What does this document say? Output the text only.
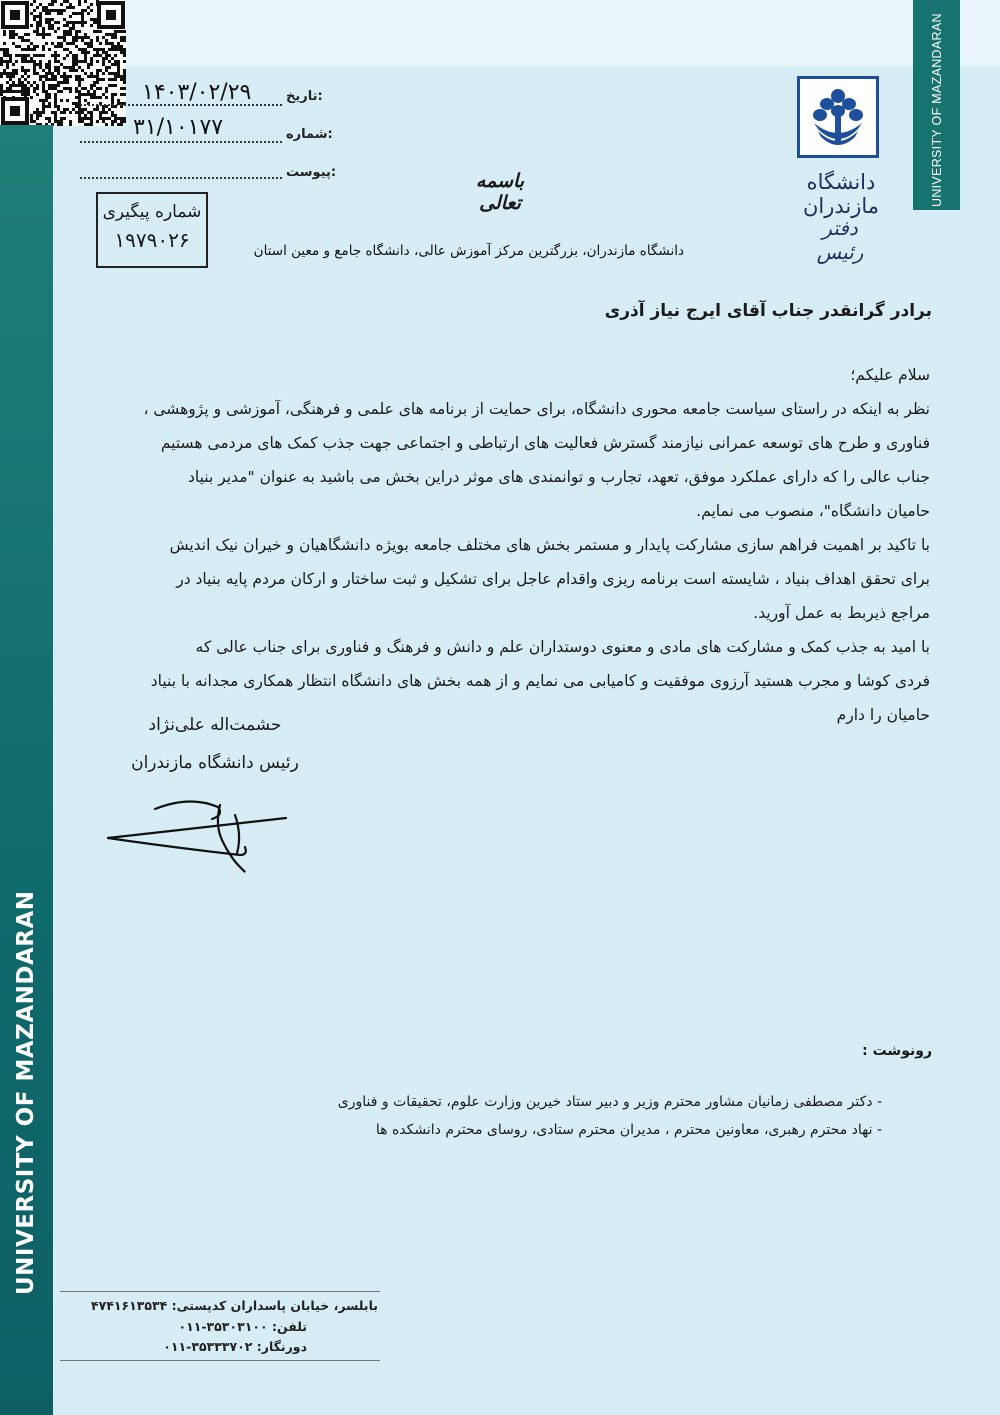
UNIVERSITY OF MAZANDARAN
UNIVERSITY OF MAZANDARAN
تاریخ:
۱۴۰۳/۰۲/۲۹
شماره:
۳۱/۱۰۱۷۷
پیوست:
شماره پیگیری
۱۹۷۹۰۲۶
دانشگاه مازندران
دفتر رئیس
باسمه تعالی
دانشگاه مازندران، بزرگترین مرکز آموزش عالی، دانشگاه جامع و معین استان
برادر گرانقدر جناب آقای ایرج نیاز آذری
سلام علیکم؛
نظر به اینکه در راستای سیاست جامعه محوری دانشگاه، برای حمایت از برنامه های علمی و فرهنگی، آموزشی و پژوهشی ،
فناوری و طرح های توسعه عمرانی نیازمند گسترش فعالیت های ارتباطی و اجتماعی جهت جذب کمک های مردمی هستیم
جناب عالی را که دارای عملکرد موفق، تعهد، تجارب و توانمندی های موثر دراین بخش می باشید به عنوان "مدیر بنیاد
حامیان دانشگاه"، منصوب می نمایم.
با تاکید بر اهمیت فراهم سازی مشارکت پایدار و مستمر بخش های مختلف جامعه بویژه دانشگاهیان و خیران نیک اندیش
برای تحقق اهداف بنیاد ، شایسته است برنامه ریزی واقدام عاجل برای تشکیل و ثبت ساختار و ارکان مردم پایه بنیاد در
مراجع ذیربط به عمل آورید.
با امید به جذب کمک و مشارکت های مادی و معنوی دوستداران علم و دانش و فرهنگ و فناوری برای جناب عالی که
فردی کوشا و مجرب هستید آرزوی موفقیت و کامیابی می نمایم و از همه بخش های دانشگاه انتظار همکاری مجدانه با بنیاد
حامیان را دارم
حشمت‌اله علی‌نژاد
رئیس دانشگاه مازندران
رونوشت :
- دکتر مصطفی زمانیان مشاور محترم وزیر و دبیر ستاد خیرین وزارت علوم، تحقیقات و فناوری
- نهاد محترم رهبری، معاونین محترم ، مدیران محترم ستادی، روسای محترم دانشکده ها
بابلسر، خیابان پاسداران کدپستی: ۴۷۴۱۶۱۳۵۳۴
تلفن: ۳۵۳۰۳۱۰۰-۰۱۱
دورنگار: ۳۵۳۳۳۷۰۲-۰۱۱
